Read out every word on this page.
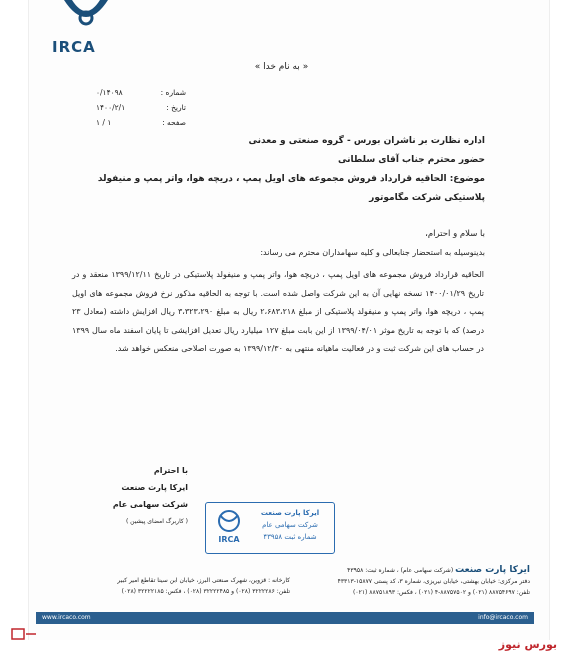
IRCA
« به نام خدا »
شماره :
۰/۱۴۰۹۸
تاریخ :
۱۴۰۰/۲/۱
صفحه :
۱ / ۱
اداره نظارت بر ناشران بورس - گروه صنعتی و معدنی
حضور محترم جناب آقای سلطانی
موضوع: الحاقیه قرارداد فروش مجموعه های اویل پمپ ، دریچه هوا، واتر پمپ و منیفولد پلاستیکی شرکت مگاموتور
با سلام و احترام،
بدینوسیله به استحضار جنابعالی و کلیه سهامداران محترم می رساند:
الحاقیه قرارداد فروش مجموعه های اویل پمپ ، دریچه هوا، واتر پمپ و منیفولد پلاستیکی در تاریخ ۱۳۹۹/۱۲/۱۱ منعقد و در تاریخ ۱۴۰۰/۰۱/۲۹ نسخه نهایی آن به این شرکت واصل شده است. با توجه به الحاقیه مذکور نرخ فروش مجموعه های اویل پمپ ، دریچه هوا، واتر پمپ و منیفولد پلاستیکی از مبلغ ۲،۶۸۳،۲۱۸ ریال به مبلغ ۳،۳۲۳،۲۹۰ ریال افزایش داشته (معادل ۲۳ درصد) که با توجه به تاریخ موثر ۱۳۹۹/۰۴/۰۱ از این بابت مبلغ ۱۲۷ میلیارد ریال تعدیل افزایشی تا پایان اسفند ماه سال ۱۳۹۹ در حساب های این شرکت ثبت و در فعالیت ماهیانه منتهی به ۱۳۹۹/۱۲/۳۰ به صورت اصلاحی منعکس خواهد شد.
با احترام
ایرکا پارت صنعت
شرکت سهامی عام
( کاربرگ امضای پیشین )
IRCA
ایرکا پارت صنعت
شرکت سهامی عام
شماره ثبت ۴۳۹۵۸
ایرکا پارت صنعت (شرکت سهامی عام) ، شماره ثبت: ۴۳۹۵۸
دفتر مرکزی: خیابان بهشتی، خیابان نیریزی، شماره ۳، کد پستی ۱۵۸۷۷-۴۳۳۱۳
تلفن: ۸۸۷۵۴۶۹۷ (۰۲۱) و ۸۸۷۵۷۵۰۲-۴ (۰۲۱) ، فکس: ۸۸۷۵۱۸۹۳ (۰۲۱)
کارخانه : قزوین، شهرک صنعتی البرز، خیابان ابن سینا تقاطع امیر کبیر
تلفن: ۳۲۲۲۲۸۶ (۰۲۸) و ۳۲۲۲۲۴۸۵ (۰۲۸) ، فکس: ۳۲۲۲۲۱۸۵ (۰۲۸)
www.ircaco.com	info@ircaco.com
بورس نیوز
